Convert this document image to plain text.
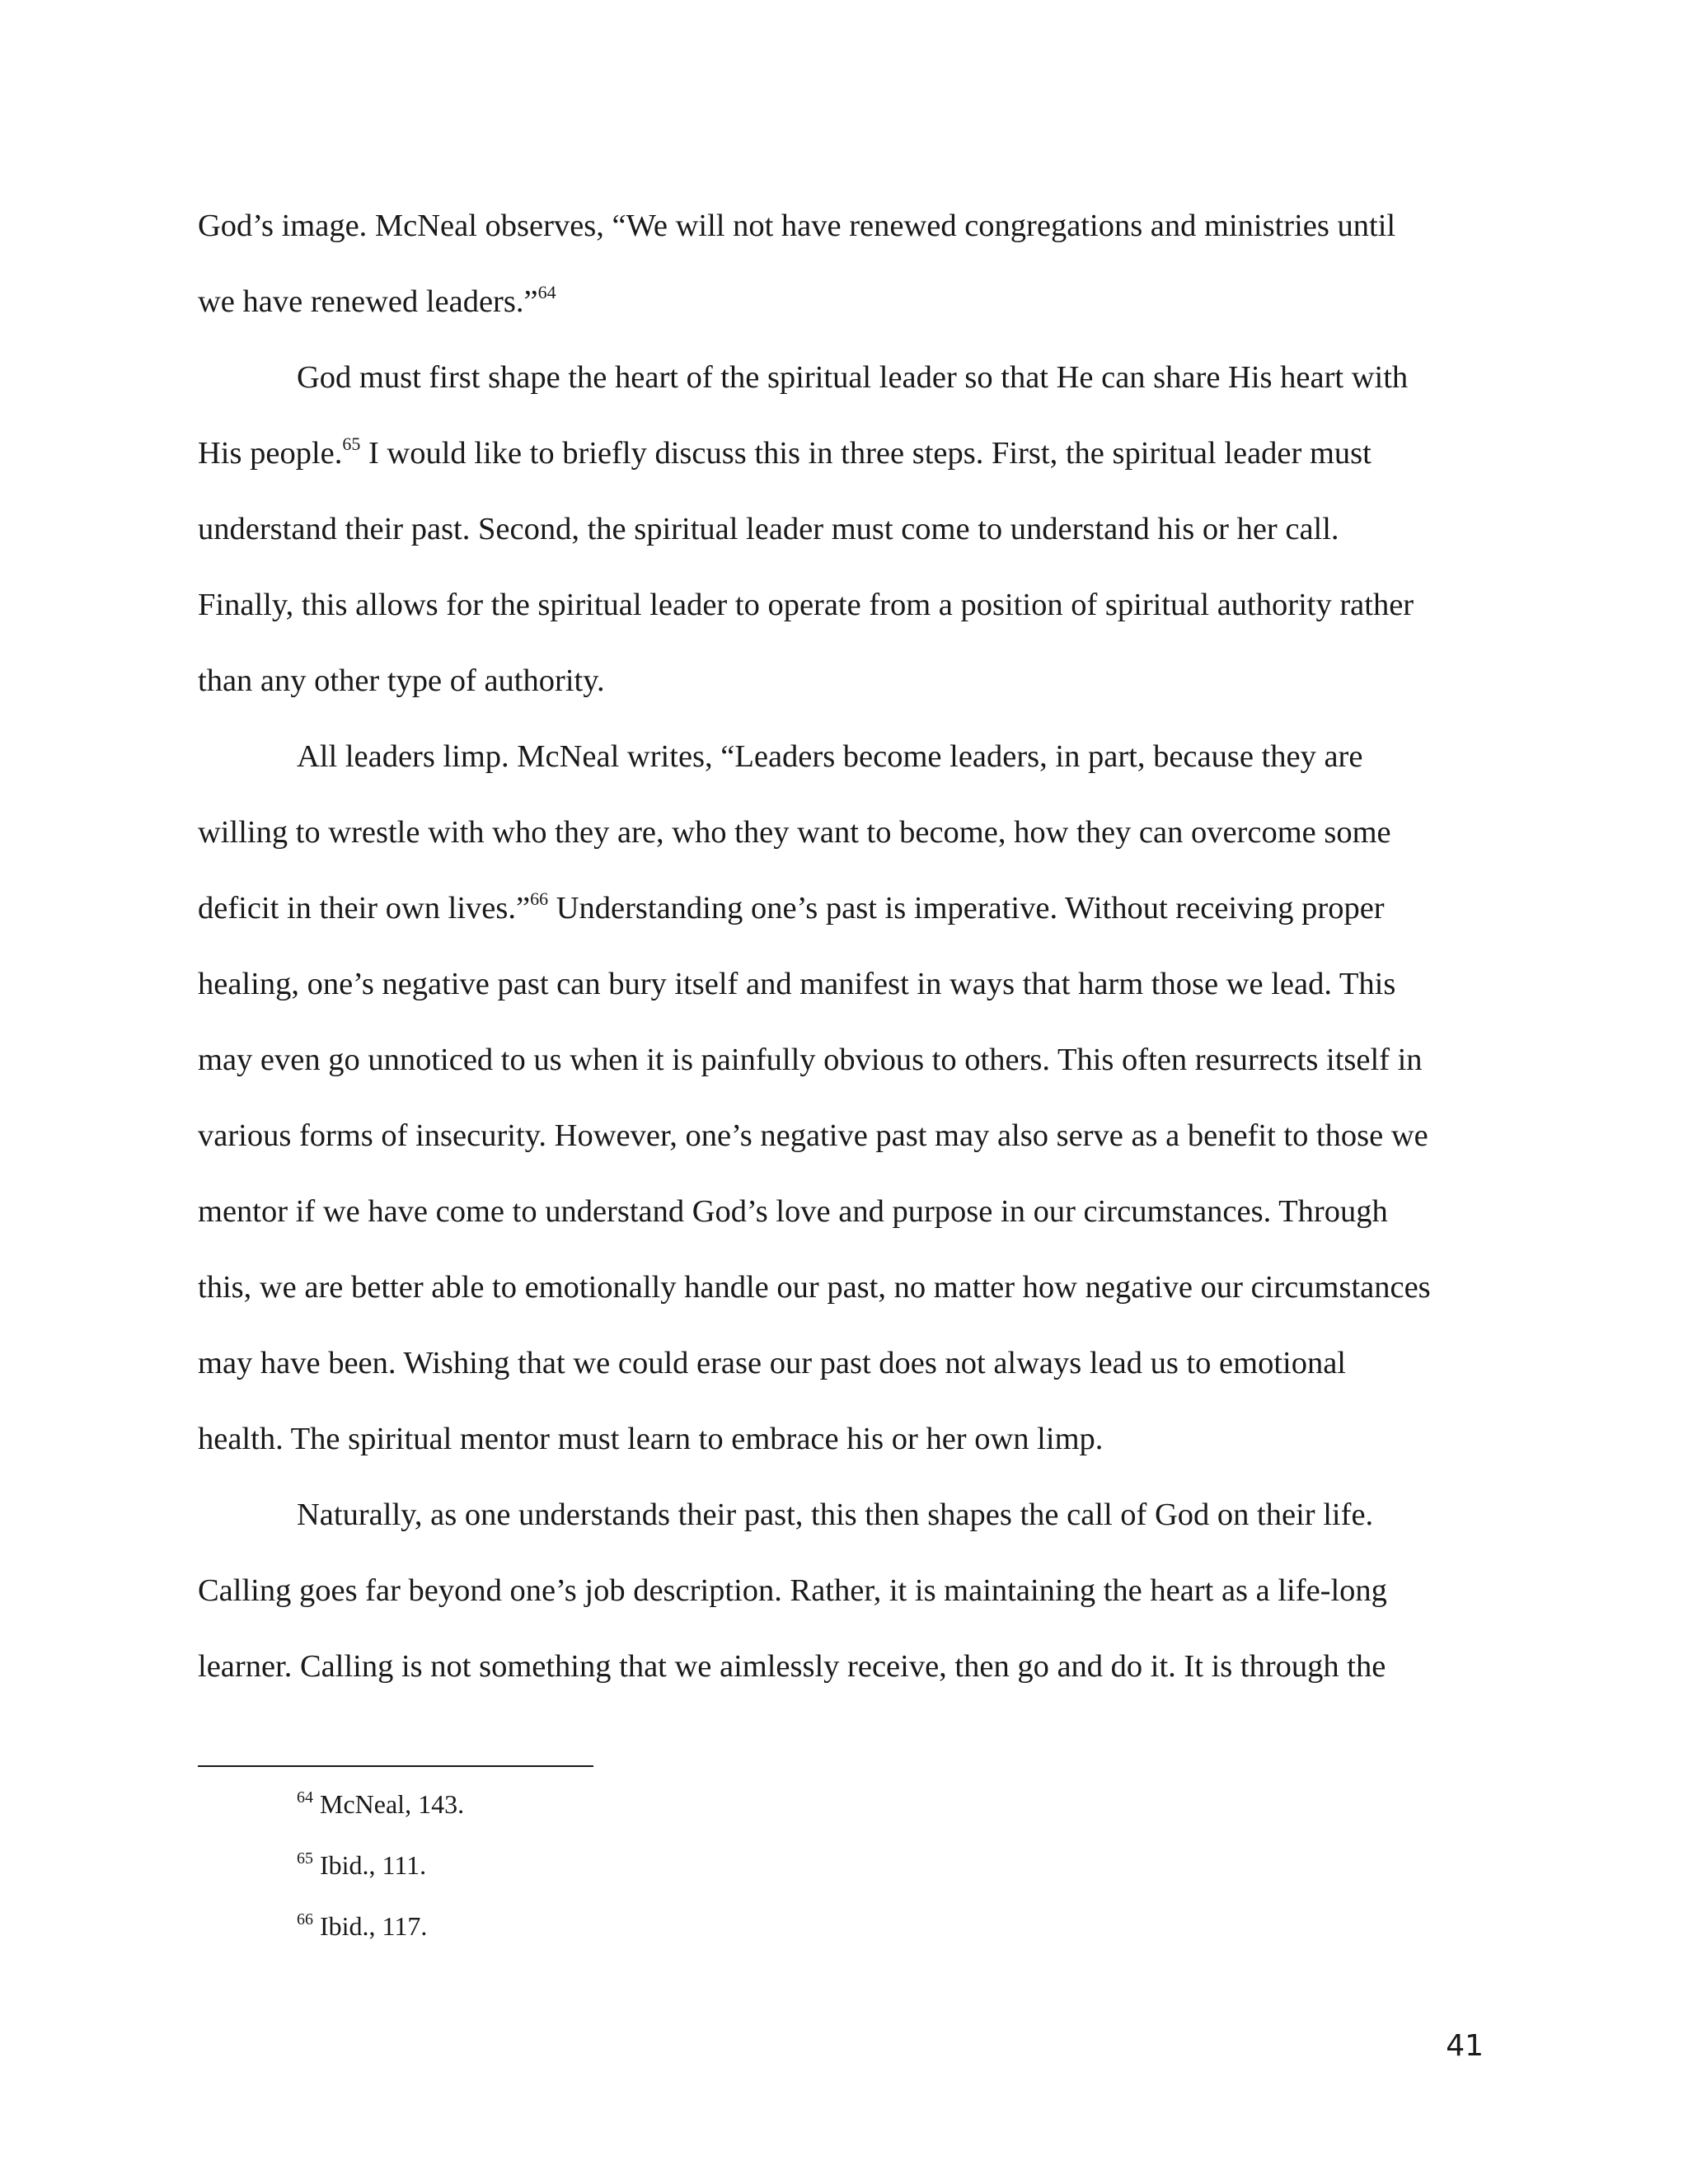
God’s image. McNeal observes, “We will not have renewed congregations and ministries until
we have renewed leaders.”$^{64}$

God must first shape the heart of the spiritual leader so that He can share His heart with
His people.$^{65}$ I would like to briefly discuss this in three steps. First, the spiritual leader must
understand their past. Second, the spiritual leader must come to understand his or her call.
Finally, this allows for the spiritual leader to operate from a position of spiritual authority rather
than any other type of authority.

All leaders limp. McNeal writes, “Leaders become leaders, in part, because they are
willing to wrestle with who they are, who they want to become, how they can overcome some
deficit in their own lives.”$^{66}$ Understanding one’s past is imperative. Without receiving proper
healing, one’s negative past can bury itself and manifest in ways that harm those we lead. This
may even go unnoticed to us when it is painfully obvious to others. This often resurrects itself in
various forms of insecurity. However, one’s negative past may also serve as a benefit to those we
mentor if we have come to understand God’s love and purpose in our circumstances. Through
this, we are better able to emotionally handle our past, no matter how negative our circumstances
may have been. Wishing that we could erase our past does not always lead us to emotional
health. The spiritual mentor must learn to embrace his or her own limp.

Naturally, as one understands their past, this then shapes the call of God on their life.
Calling goes far beyond one’s job description. Rather, it is maintaining the heart as a life-long
learner. Calling is not something that we aimlessly receive, then go and do it. It is through the

$^{64}$ McNeal, 143.
$^{65}$ Ibid., 111.
$^{66}$ Ibid., 117.
41
